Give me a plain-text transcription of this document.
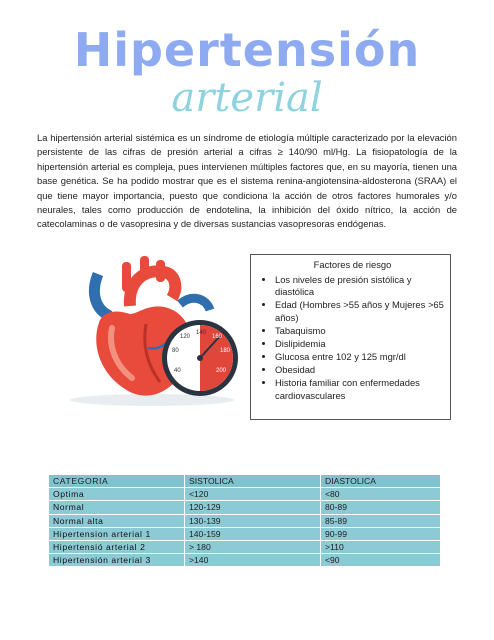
Hipertensión
arterial

La hipertensión arterial sistémica es un síndrome de etiología múltiple caracterizado por la elevación persistente de las cifras de presión arterial a cifras ≥ 140/90 ml/Hg. La fisiopatología de la hipertensión arterial es compleja, pues intervienen múltiples factores que, en su mayoría, tienen una base genética. Se ha podido mostrar que es el sistema renina-angiotensina-aldosterona (SRAA) el que tiene mayor importancia, puesto que condiciona la acción de otros factores humorales y/o neurales, tales como producción de endotelina, la inhibición del óxido nítrico, la acción de catecolaminas o de vasopresina y de diversas sustancias vasopresoras endógenas.

120
140
160
80	180
40	200
Factores de riesgo
• Los niveles de presión sistólica y diastólica
• Edad (Hombres >55 años y Mujeres >65 años)
• Tabaquismo
• Dislipidemia
• Glucosa entre 102 y 125 mgr/dl
• Obesidad
• Historia familiar con enfermedades cardiovasculares
CATEGORIA	SISTOLICA	DIASTOLICA
Optima	<120	<80
Normal	120-129	80-89
Normal alta	130-139	85-89
Hipertension arterial 1	140-159	90-99
Hipertensió arterial 2	> 180	>110
Hipertensión arterial 3	>140	<90
